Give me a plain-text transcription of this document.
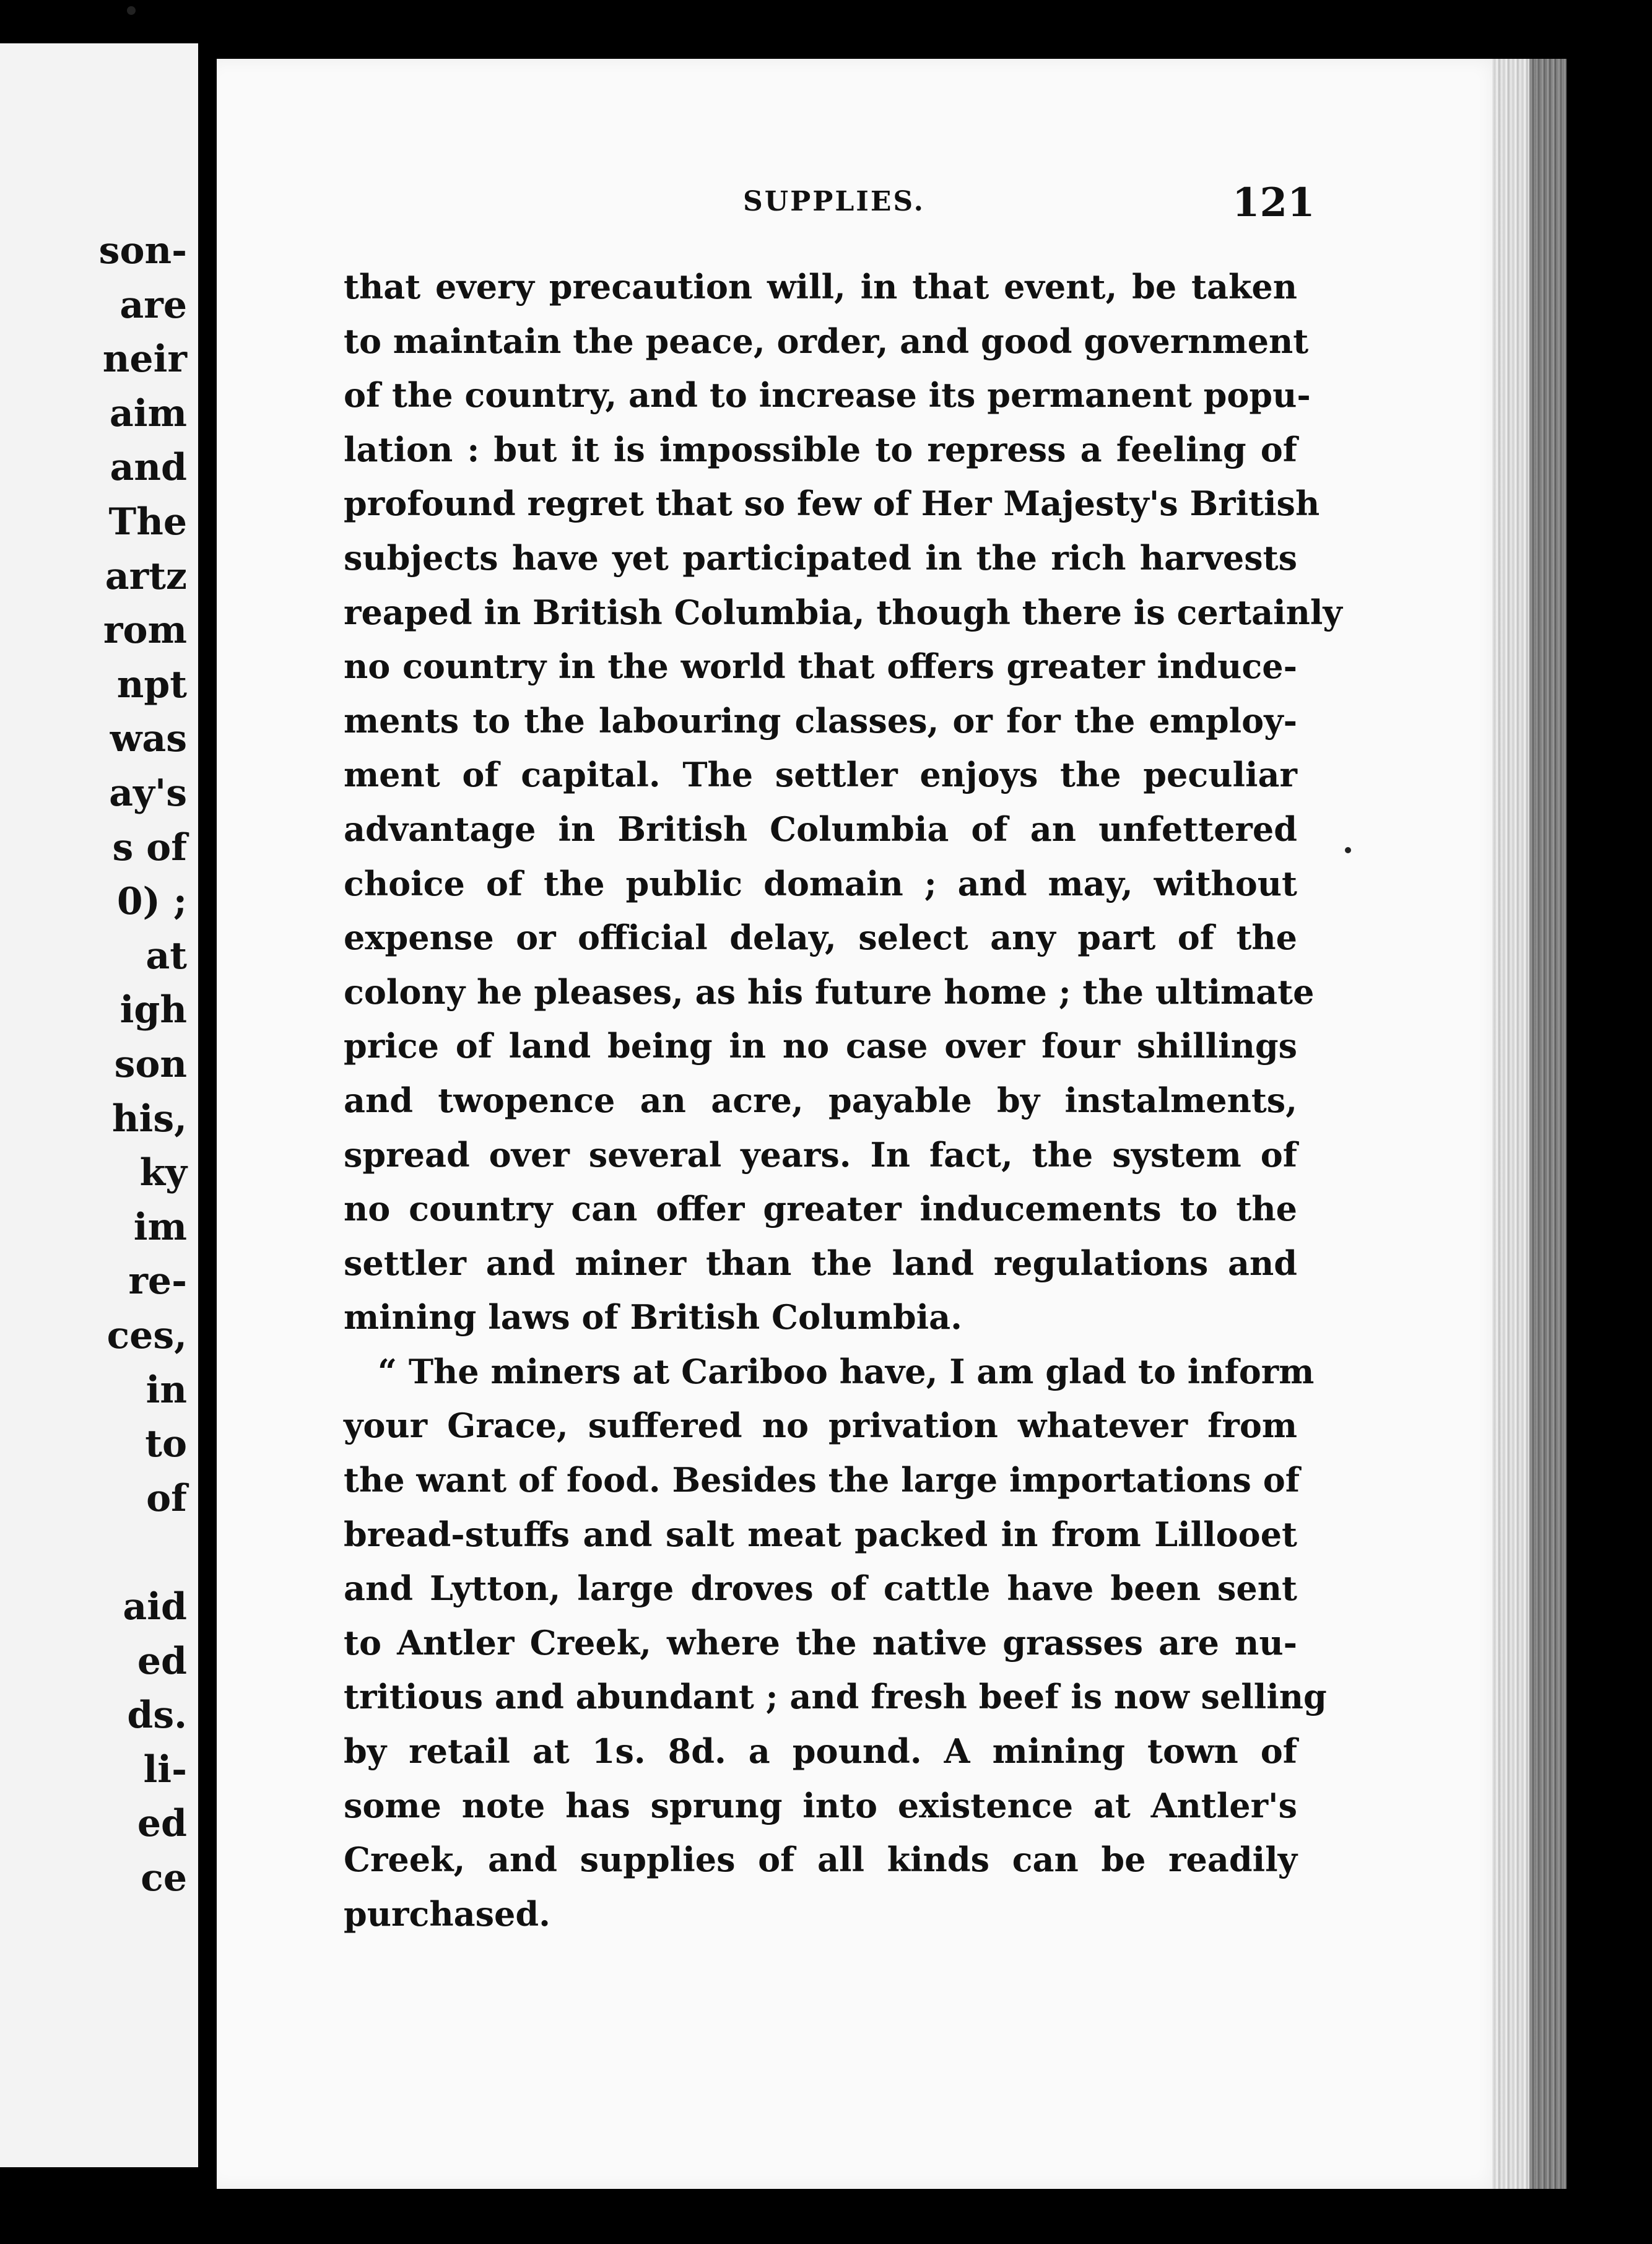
son-
are
neir
aim
and
The
artz
rom
npt
was
ay's
s of
0) ;
at
igh
son
his,
ky
im
re-
ces,
in
to
of
aid
ed
ds.
li-
ed
ce
SUPPLIES.	121
that every precaution will, in that event, be taken
to maintain the peace, order, and good government
of the country, and to increase its permanent popu-
lation : but it is impossible to repress a feeling of
profound regret that so few of Her Majesty's British
subjects have yet participated in the rich harvests
reaped in British Columbia, though there is certainly
no country in the world that offers greater induce-
ments to the labouring classes, or for the employ-
ment of capital. The settler enjoys the peculiar
advantage in British Columbia of an unfettered
choice of the public domain ; and may, without
expense or official delay, select any part of the
colony he pleases, as his future home ; the ultimate
price of land being in no case over four shillings
and twopence an acre, payable by instalments,
spread over several years. In fact, the system of
no country can offer greater inducements to the
settler and miner than the land regulations and
mining laws of British Columbia.
“ The miners at Cariboo have, I am glad to inform
your Grace, suffered no privation whatever from
the want of food. Besides the large importations of
bread-stuffs and salt meat packed in from Lillooet
and Lytton, large droves of cattle have been sent
to Antler Creek, where the native grasses are nu-
tritious and abundant ; and fresh beef is now selling
by retail at 1s. 8d. a pound. A mining town of
some note has sprung into existence at Antler's
Creek, and supplies of all kinds can be readily
purchased.
